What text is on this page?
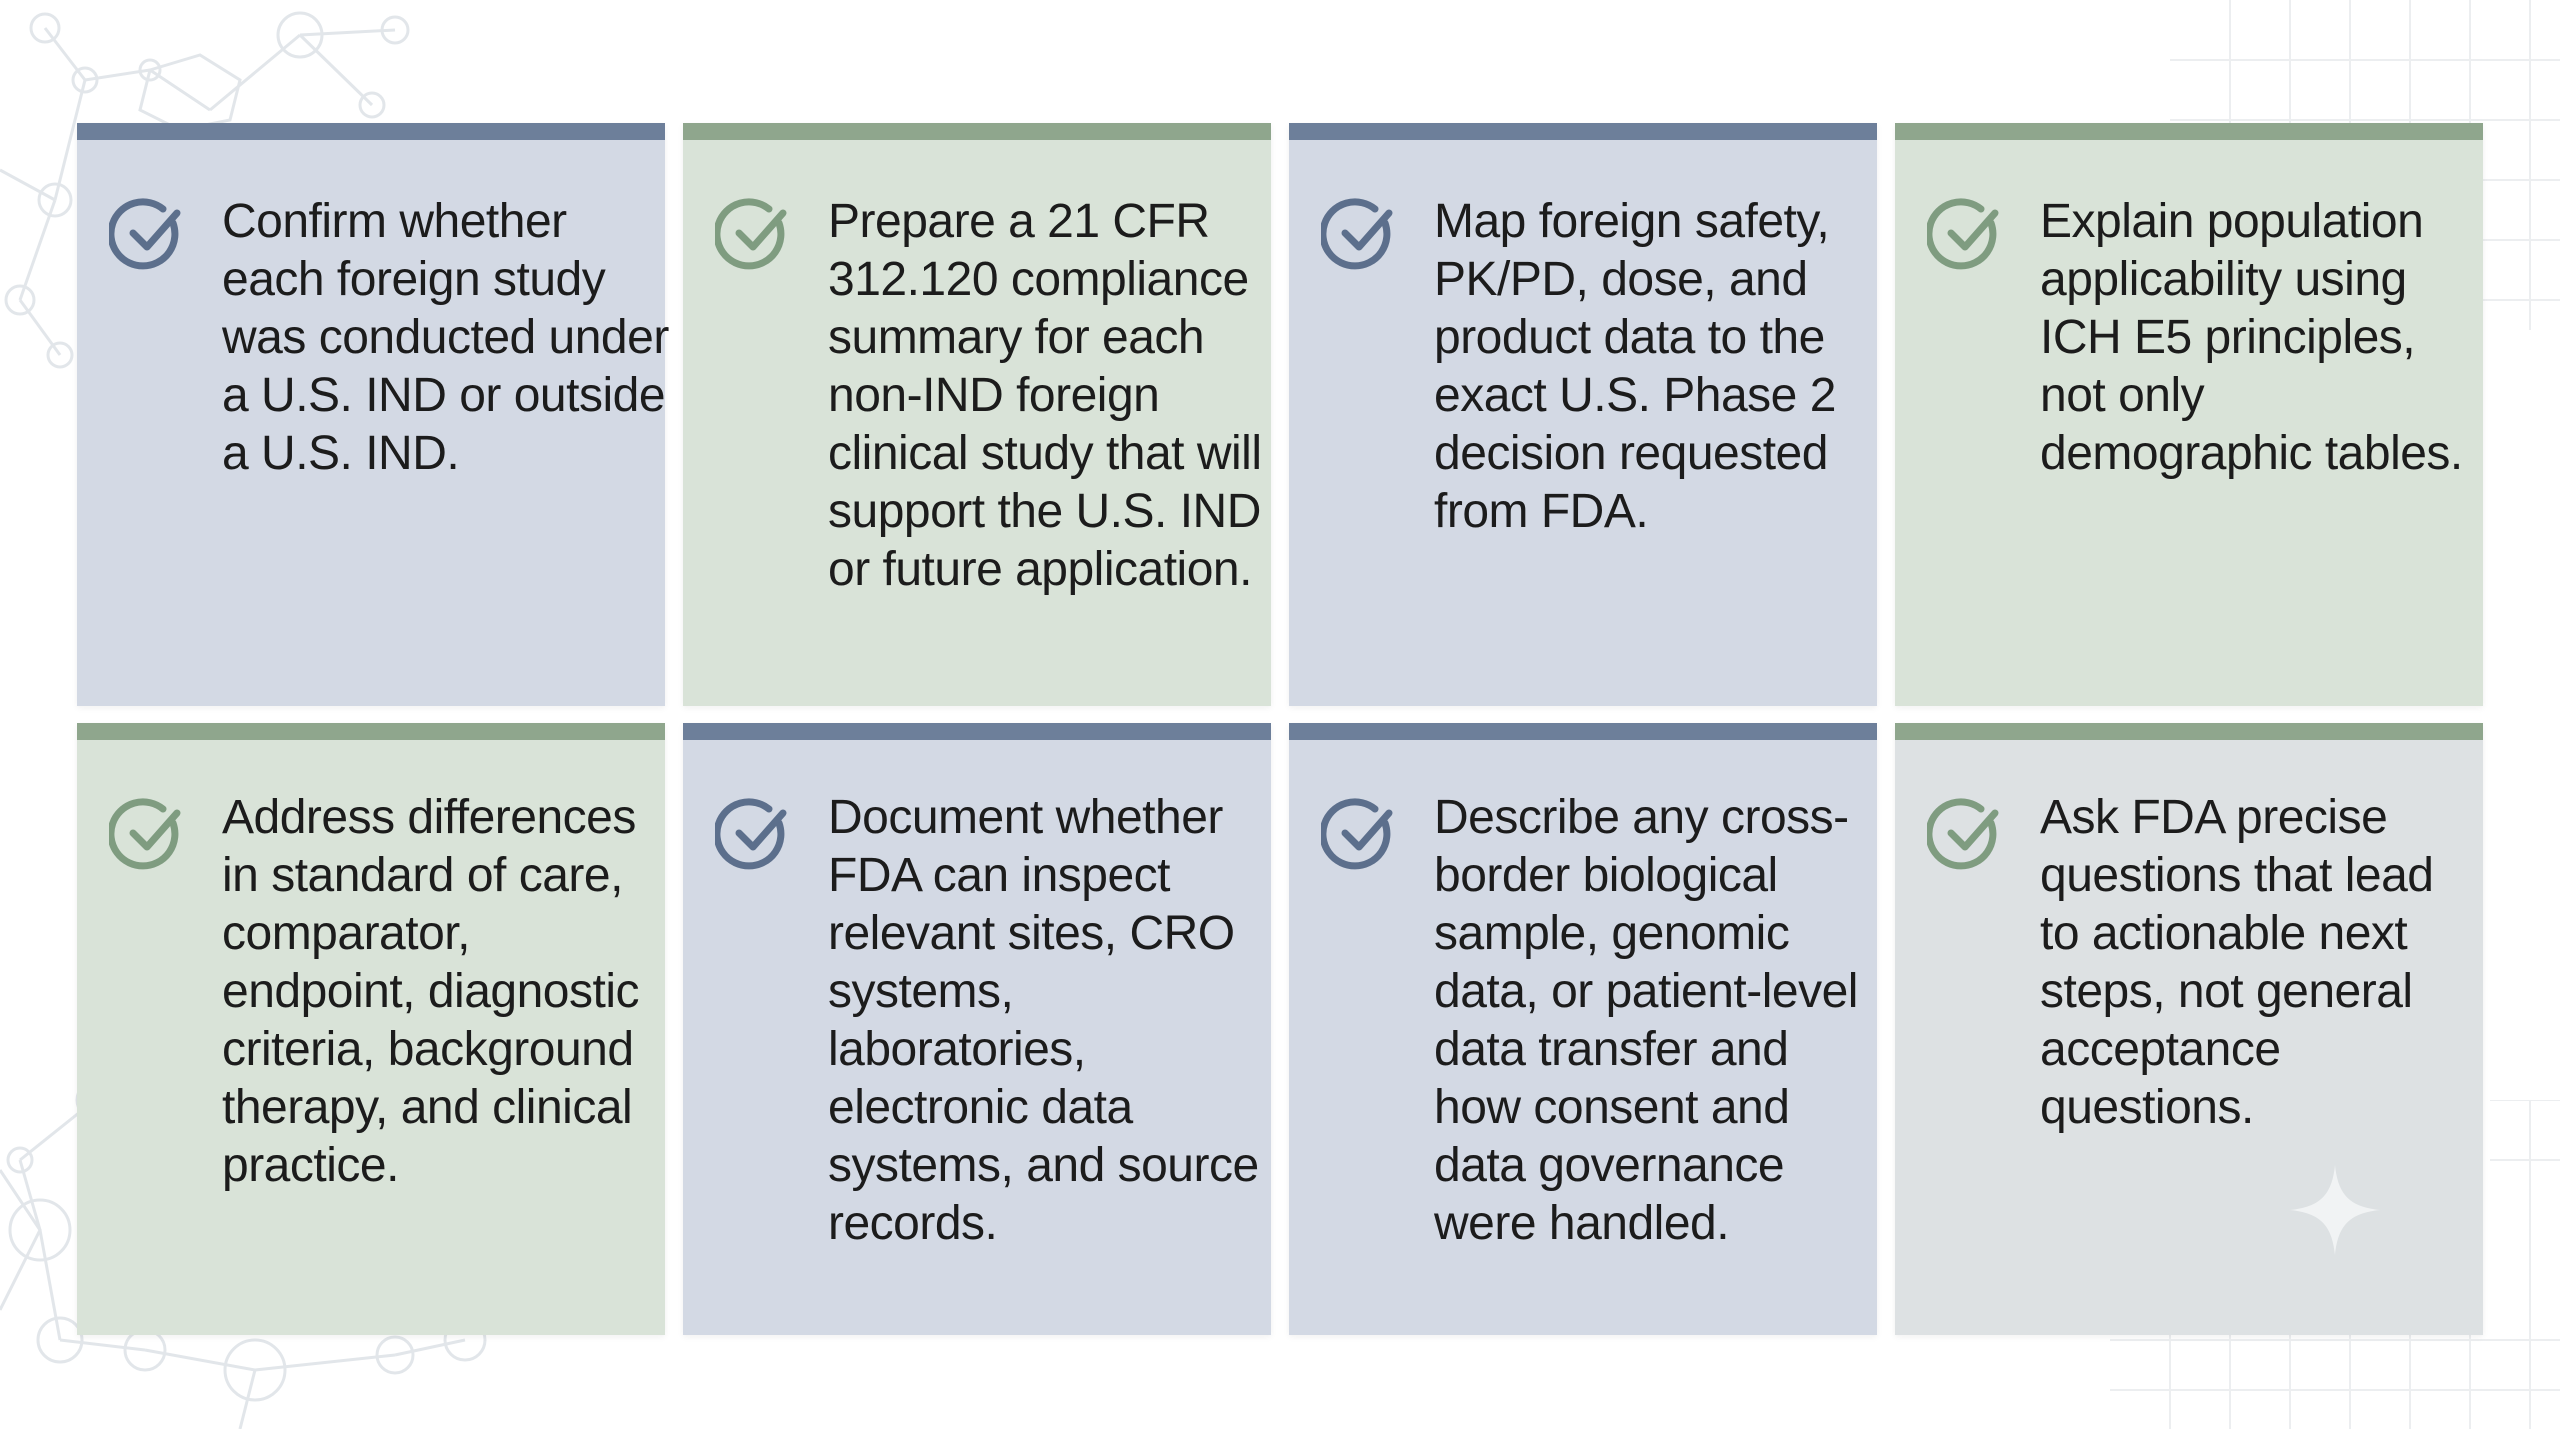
Confirm whether each foreign study was conducted under a U.S. IND or outside a U.S. IND.
Prepare a 21 CFR 312.120 compliance summary for each non-IND foreign clinical study that will support the U.S. IND or future application.
Map foreign safety, PK/PD, dose, and product data to the exact U.S. Phase 2 decision requested from FDA.
Explain population applicability using ICH E5 principles, not only demographic tables.
Address differences in standard of care, comparator, endpoint, diagnostic criteria, background therapy, and clinical practice.
Document whether FDA can inspect relevant sites, CRO systems, laboratories, electronic data systems, and source records.
Describe any cross-border biological sample, genomic data, or patient-level data transfer and how consent and data governance were handled.
Ask FDA precise questions that lead to actionable next steps, not general acceptance questions.
